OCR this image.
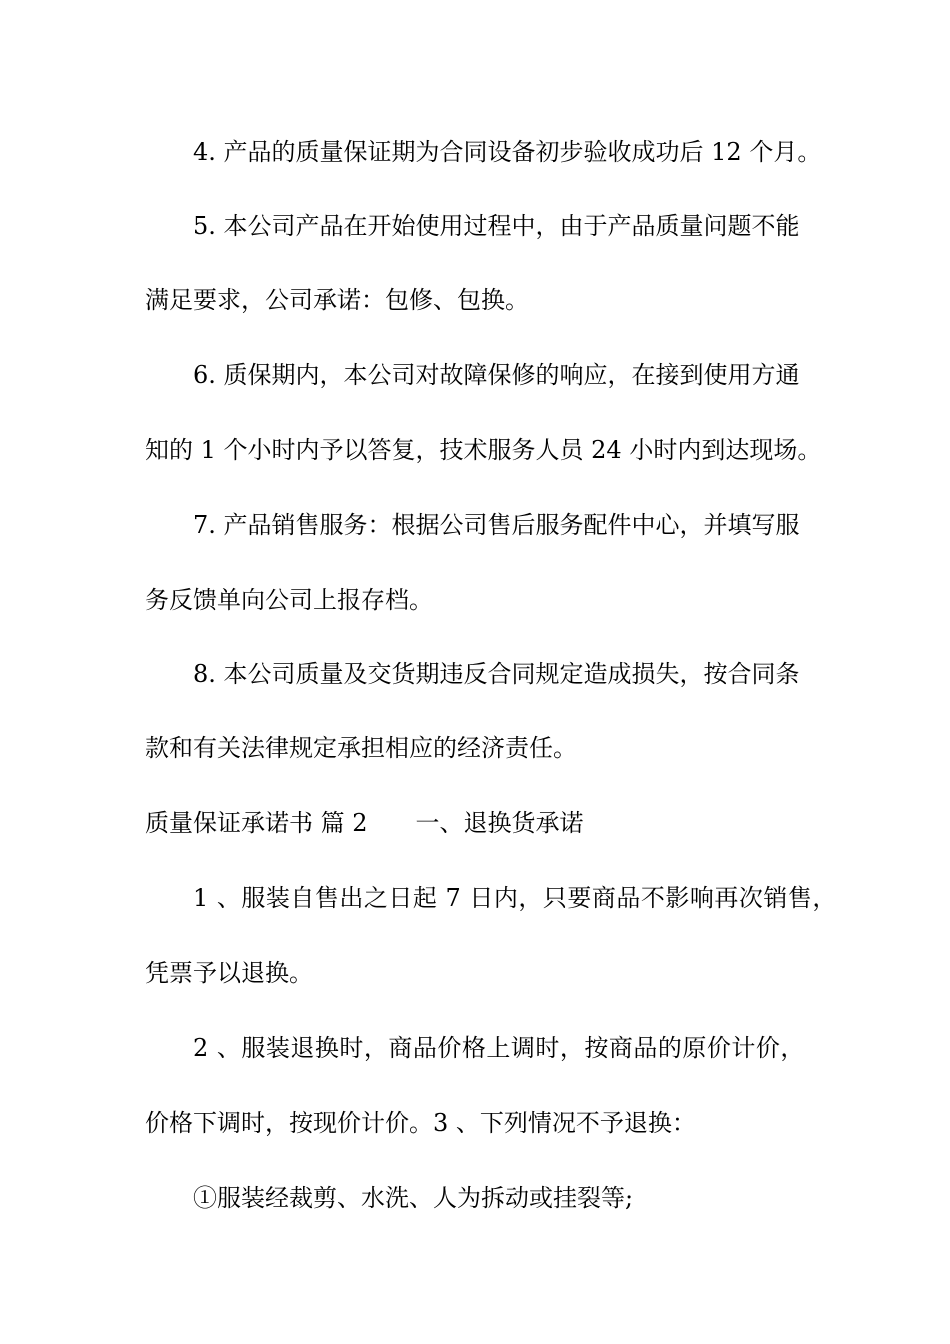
4. 产品的质量保证期为合同设备初步验收成功后 12 个月。

5. 本公司产品在开始使用过程中，由于产品质量问题不能

满足要求，公司承诺：包修、包换。

6. 质保期内，本公司对故障保修的响应，在接到使用方通

知的 1 个小时内予以答复，技术服务人员 24 小时内到达现场。

7. 产品销售服务：根据公司售后服务配件中心，并填写服

务反馈单向公司上报存档。

8. 本公司质量及交货期违反合同规定造成损失，按合同条

款和有关法律规定承担相应的经济责任。

质量保证承诺书 篇 2　　一、退换货承诺

1 、服装自售出之日起 7 日内，只要商品不影响再次销售，

凭票予以退换。

2 、服装退换时，商品价格上调时，按商品的原价计价，

价格下调时，按现价计价。3 、下列情况不予退换：

①服装经裁剪、水洗、人为拆动或挂裂等;
